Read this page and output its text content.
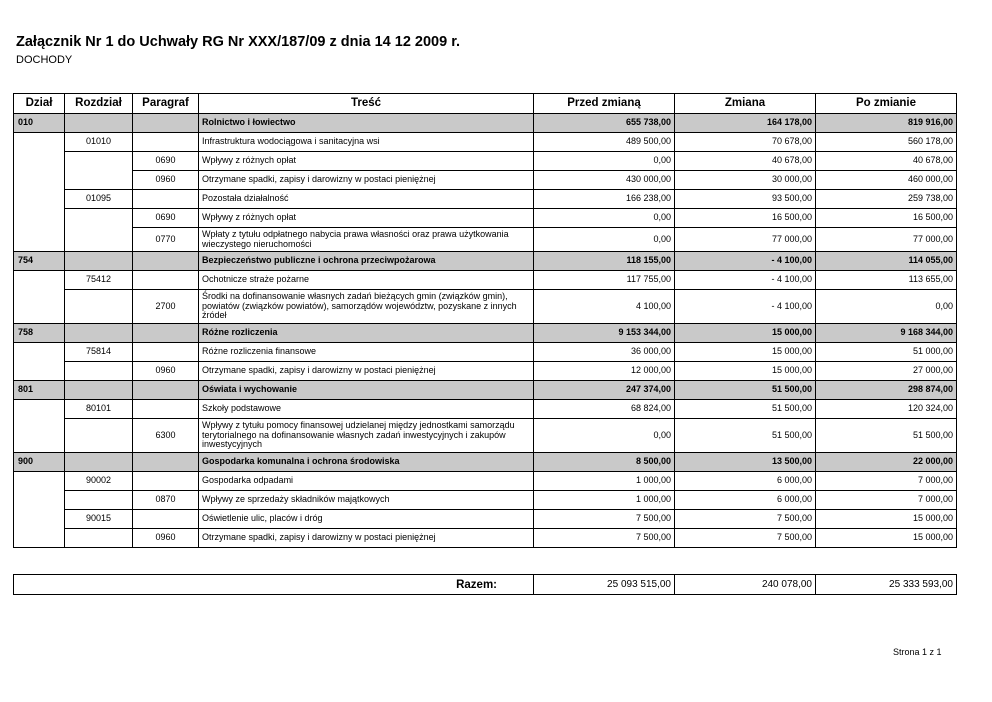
Załącznik Nr 1 do Uchwały RG Nr XXX/187/09 z dnia 14 12 2009 r.
DOCHODY
Dział	Rozdział	Paragraf	Treść	Przed zmianą	Zmiana	Po zmianie
010			Rolnictwo i łowiectwo	655 738,00	164 178,00	819 916,00
	01010		Infrastruktura wodociągowa i sanitacyjna wsi	489 500,00	70 678,00	560 178,00
		0690	Wpływy z różnych opłat	0,00	40 678,00	40 678,00
		0960	Otrzymane spadki, zapisy i darowizny w postaci pieniężnej	430 000,00	30 000,00	460 000,00
	01095		Pozostała działalność	166 238,00	93 500,00	259 738,00
		0690	Wpływy z różnych opłat	0,00	16 500,00	16 500,00
		0770	Wpłaty z tytułu odpłatnego nabycia prawa własności oraz prawa użytkowania wieczystego nieruchomości	0,00	77 000,00	77 000,00
754			Bezpieczeństwo publiczne i ochrona przeciwpożarowa	118 155,00	- 4 100,00	114 055,00
	75412		Ochotnicze straże pożarne	117 755,00	- 4 100,00	113 655,00
		2700	Środki na dofinansowanie własnych zadań bieżących gmin (związków gmin), powiatów (związków powiatów), samorządów województw, pozyskane z innych źródeł	4 100,00	- 4 100,00	0,00
758			Różne rozliczenia	9 153 344,00	15 000,00	9 168 344,00
	75814		Różne rozliczenia finansowe	36 000,00	15 000,00	51 000,00
		0960	Otrzymane spadki, zapisy i darowizny w postaci pieniężnej	12 000,00	15 000,00	27 000,00
801			Oświata i wychowanie	247 374,00	51 500,00	298 874,00
	80101		Szkoły podstawowe	68 824,00	51 500,00	120 324,00
		6300	Wpływy z tytułu pomocy finansowej udzielanej między jednostkami samorządu terytorialnego na dofinansowanie własnych zadań inwestycyjnych i zakupów inwestycyjnych	0,00	51 500,00	51 500,00
900			Gospodarka komunalna i ochrona środowiska	8 500,00	13 500,00	22 000,00
	90002		Gospodarka odpadami	1 000,00	6 000,00	7 000,00
		0870	Wpływy ze sprzedaży składników majątkowych	1 000,00	6 000,00	7 000,00
	90015		Oświetlenie ulic, placów i dróg	7 500,00	7 500,00	15 000,00
		0960	Otrzymane spadki, zapisy i darowizny w postaci pieniężnej	7 500,00	7 500,00	15 000,00
Razem:	25 093 515,00	240 078,00	25 333 593,00
Strona 1 z 1
